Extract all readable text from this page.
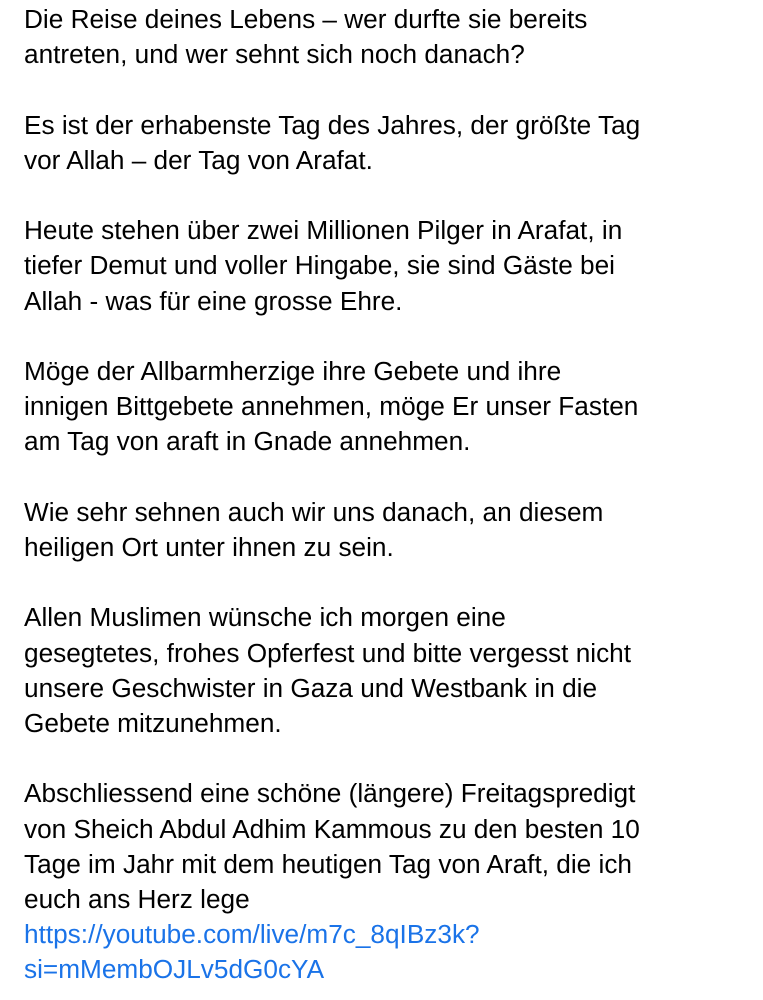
Die Reise deines Lebens – wer durfte sie bereits
antreten, und wer sehnt sich noch danach?

Es ist der erhabenste Tag des Jahres, der größte Tag
vor Allah – der Tag von Arafat.

Heute stehen über zwei Millionen Pilger in Arafat, in
tiefer Demut und voller Hingabe, sie sind Gäste bei
Allah - was für eine grosse Ehre.

Möge der Allbarmherzige ihre Gebete und ihre
innigen Bittgebete annehmen, möge Er unser Fasten
am Tag von araft in Gnade annehmen.

Wie sehr sehnen auch wir uns danach, an diesem
heiligen Ort unter ihnen zu sein.

Allen Muslimen wünsche ich morgen eine
gesegtetes, frohes Opferfest und bitte vergesst nicht
unsere Geschwister in Gaza und Westbank in die
Gebete mitzunehmen.

Abschliessend eine schöne (längere) Freitagspredigt
von Sheich Abdul Adhim Kammous zu den besten 10
Tage im Jahr mit dem heutigen Tag von Araft, die ich
euch ans Herz lege

https://youtube.com/live/m7c_8qIBz3k?
si=mMembOJLv5dG0cYA
